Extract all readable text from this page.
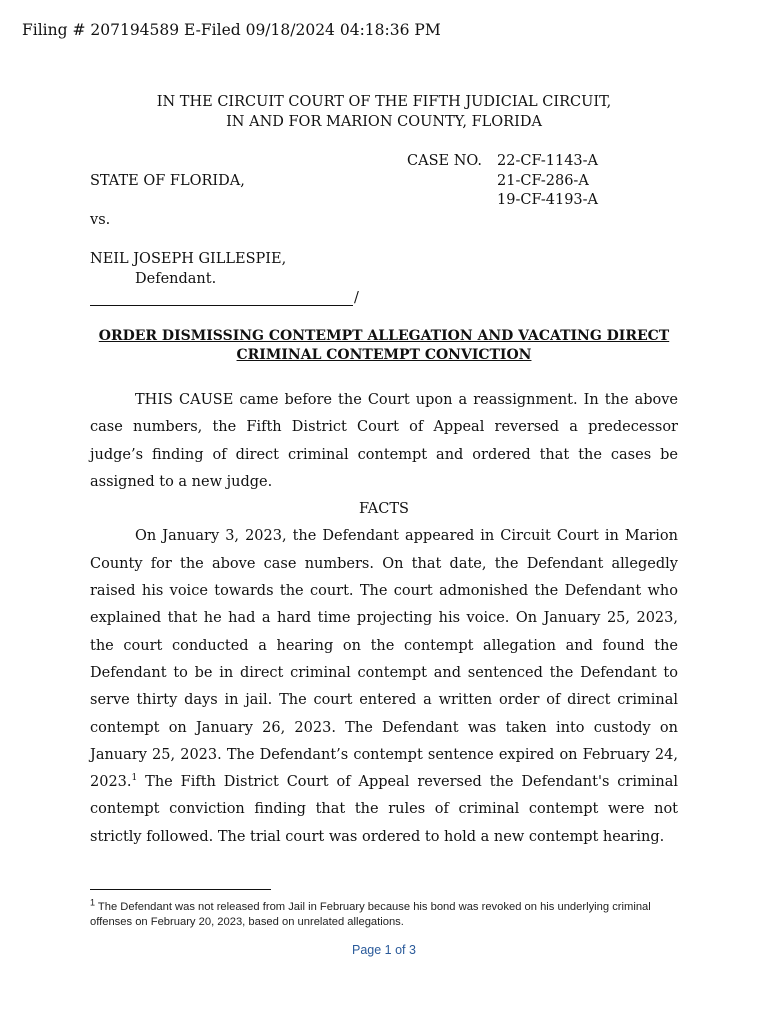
Filing # 207194589 E-Filed 09/18/2024 04:18:36 PM
IN THE CIRCUIT COURT OF THE FIFTH JUDICIAL CIRCUIT,
IN AND FOR MARION COUNTY, FLORIDA
CASE NO. 22-CF-1143-A
21-CF-286-A
19-CF-4193-A
STATE OF FLORIDA,
vs.
NEIL JOSEPH GILLESPIE,
Defendant.
/
ORDER DISMISSING CONTEMPT ALLEGATION AND VACATING DIRECT CRIMINAL CONTEMPT CONVICTION

THIS CAUSE came before the Court upon a reassignment. In the above case numbers, the Fifth District Court of Appeal reversed a predecessor judge’s finding of direct criminal contempt and ordered that the cases be assigned to a new judge.

FACTS

On January 3, 2023, the Defendant appeared in Circuit Court in Marion County for the above case numbers. On that date, the Defendant allegedly raised his voice towards the court. The court admonished the Defendant who explained that he had a hard time projecting his voice. On January 25, 2023, the court conducted a hearing on the contempt allegation and found the Defendant to be in direct criminal contempt and sentenced the Defendant to serve thirty days in jail. The court entered a written order of direct criminal contempt on January 26, 2023. The Defendant was taken into custody on January 25, 2023. The Defendant’s contempt sentence expired on February 24, 2023.$^1$ The Fifth District Court of Appeal reversed the Defendant's criminal contempt conviction finding that the rules of criminal contempt were not strictly followed. The trial court was ordered to hold a new contempt hearing.

$^1$ The Defendant was not released from Jail in February because his bond was revoked on his underlying criminal offenses on February 20, 2023, based on unrelated allegations.
Page 1 of 3
